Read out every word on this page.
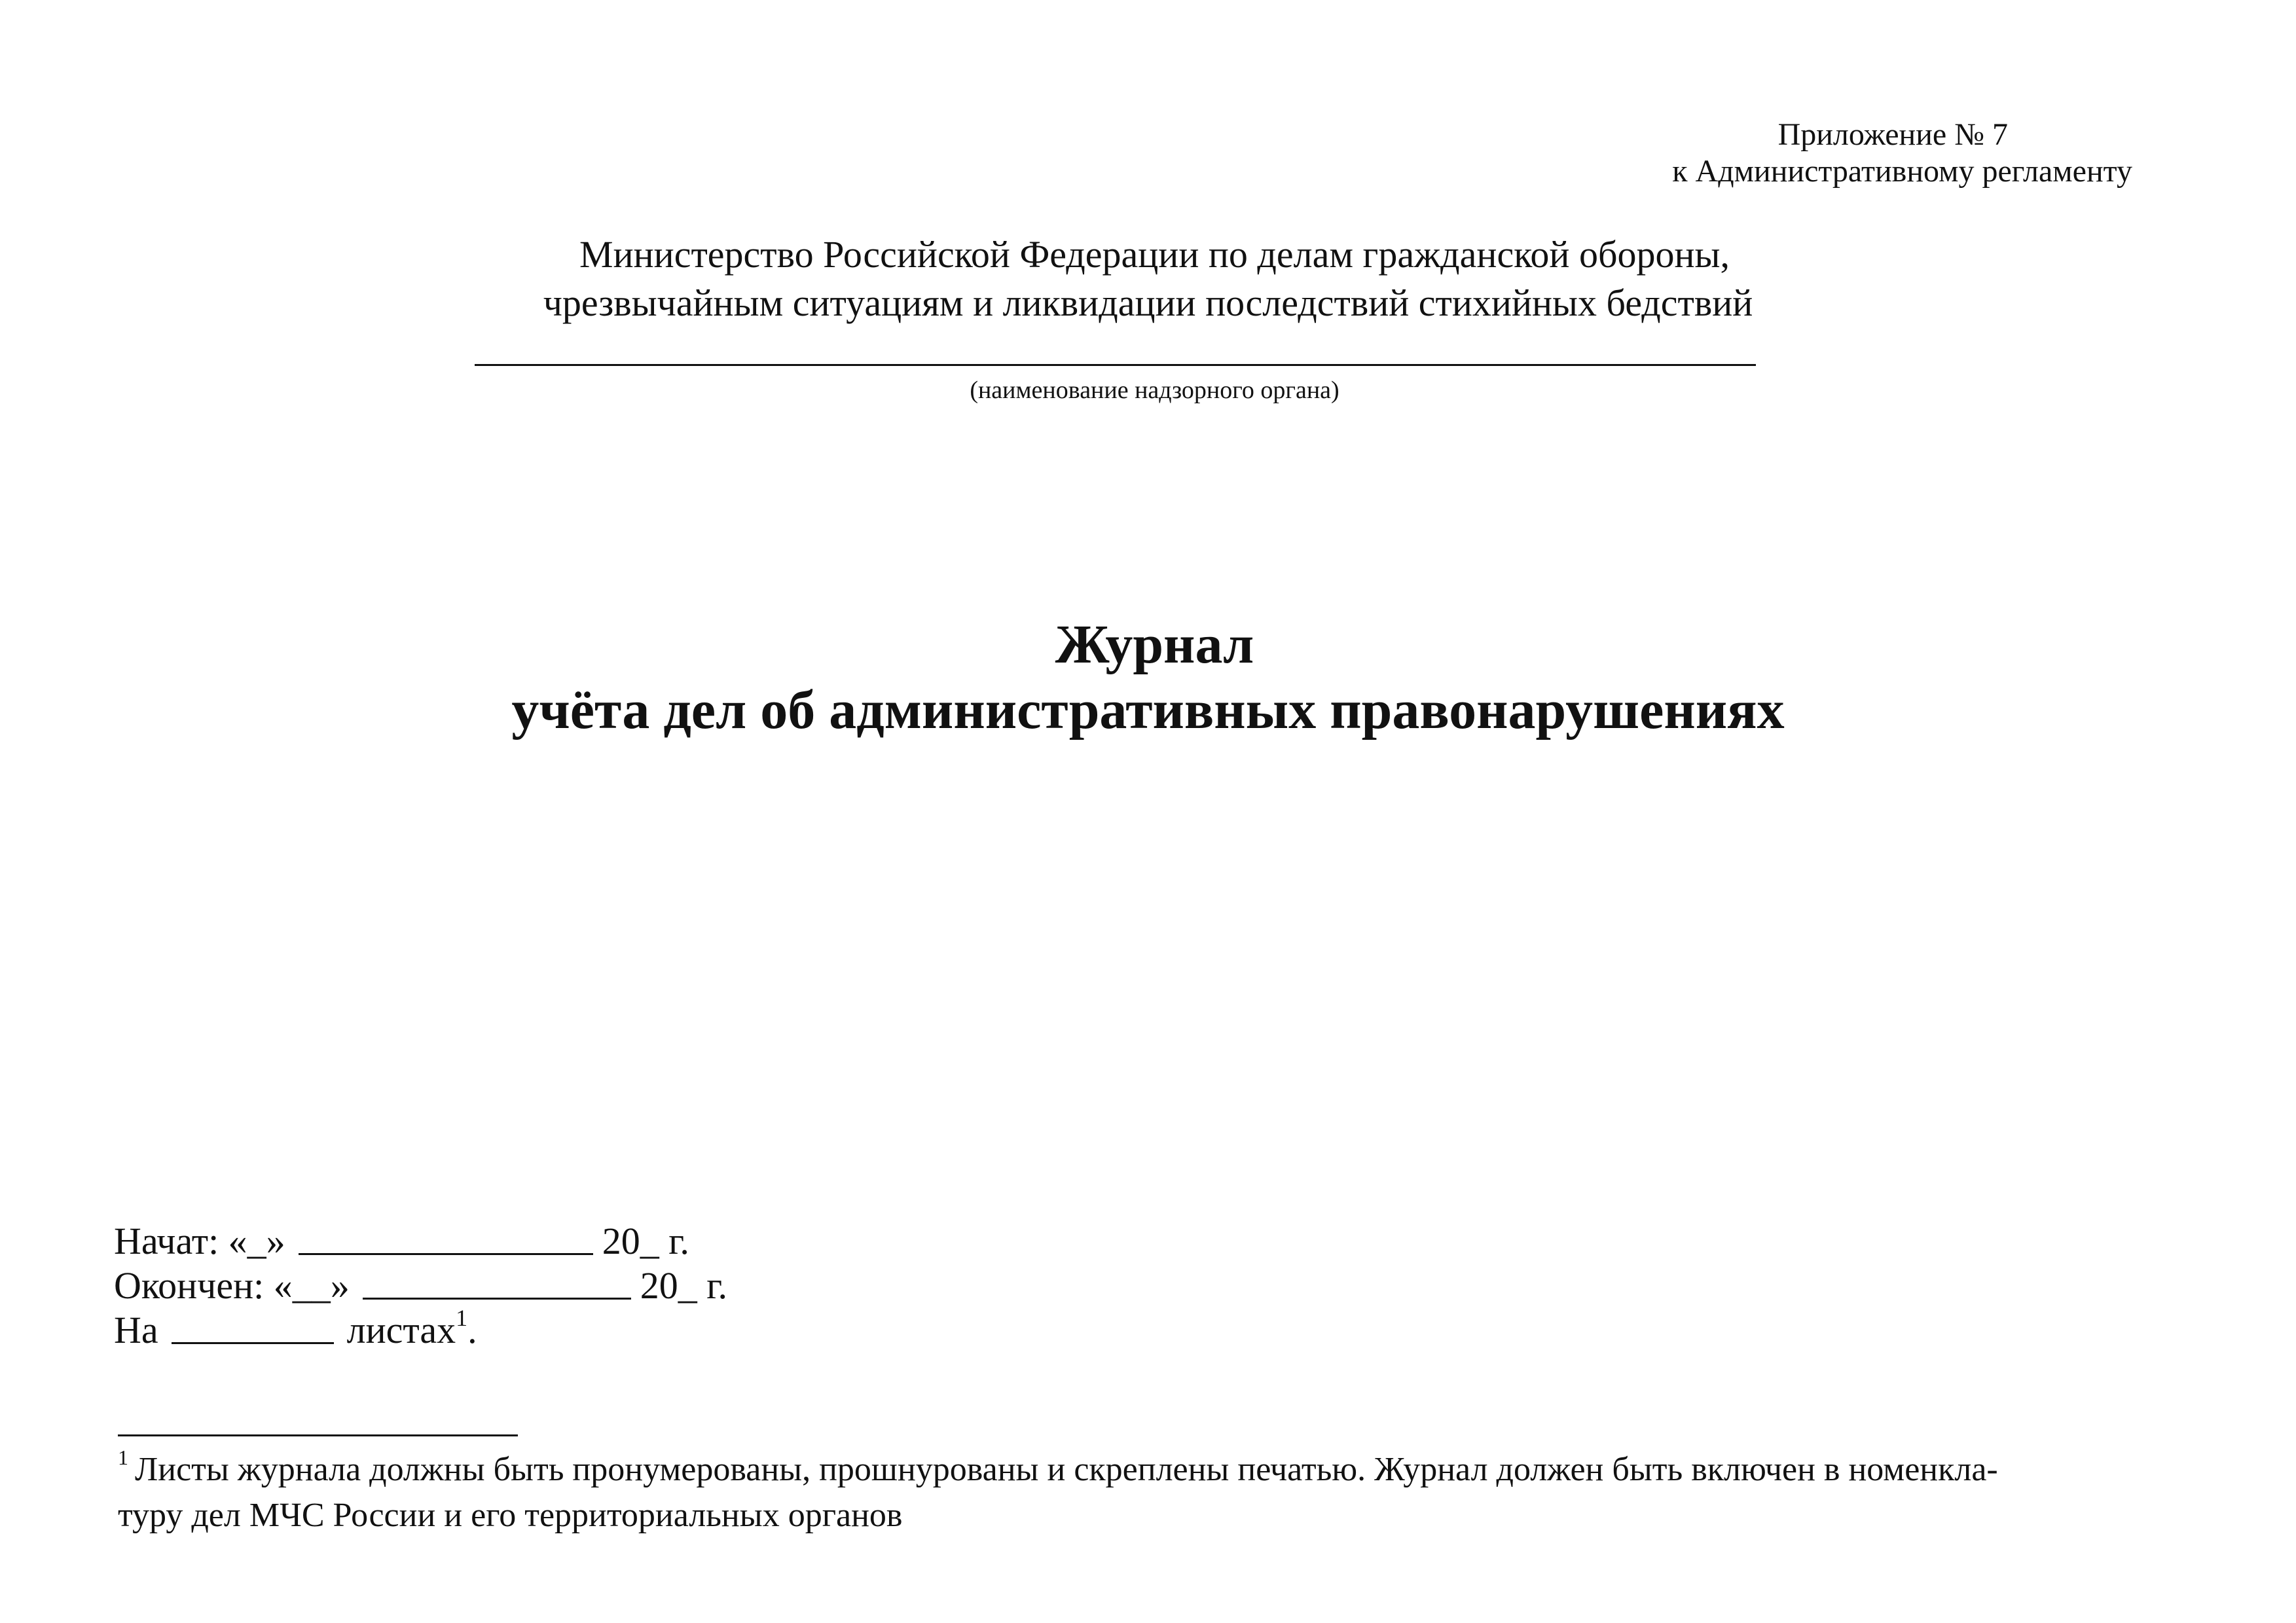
Приложение № 7
к Административному регламенту
Министерство Российской Федерации по делам гражданской обороны,
чрезвычайным ситуациям и ликвидации последствий стихийных бедствий
(наименование надзорного органа)
Журнал
учёта дел об административных правонарушениях
Начат: «_»	20_ г.
Окончен: «__»	20_ г.
На	листах$^1$.
$^1$ Листы журнала должны быть пронумерованы, прошнурованы и скреплены печатью. Журнал должен быть включен в номенкла-
туру дел МЧС России и его территориальных органов
